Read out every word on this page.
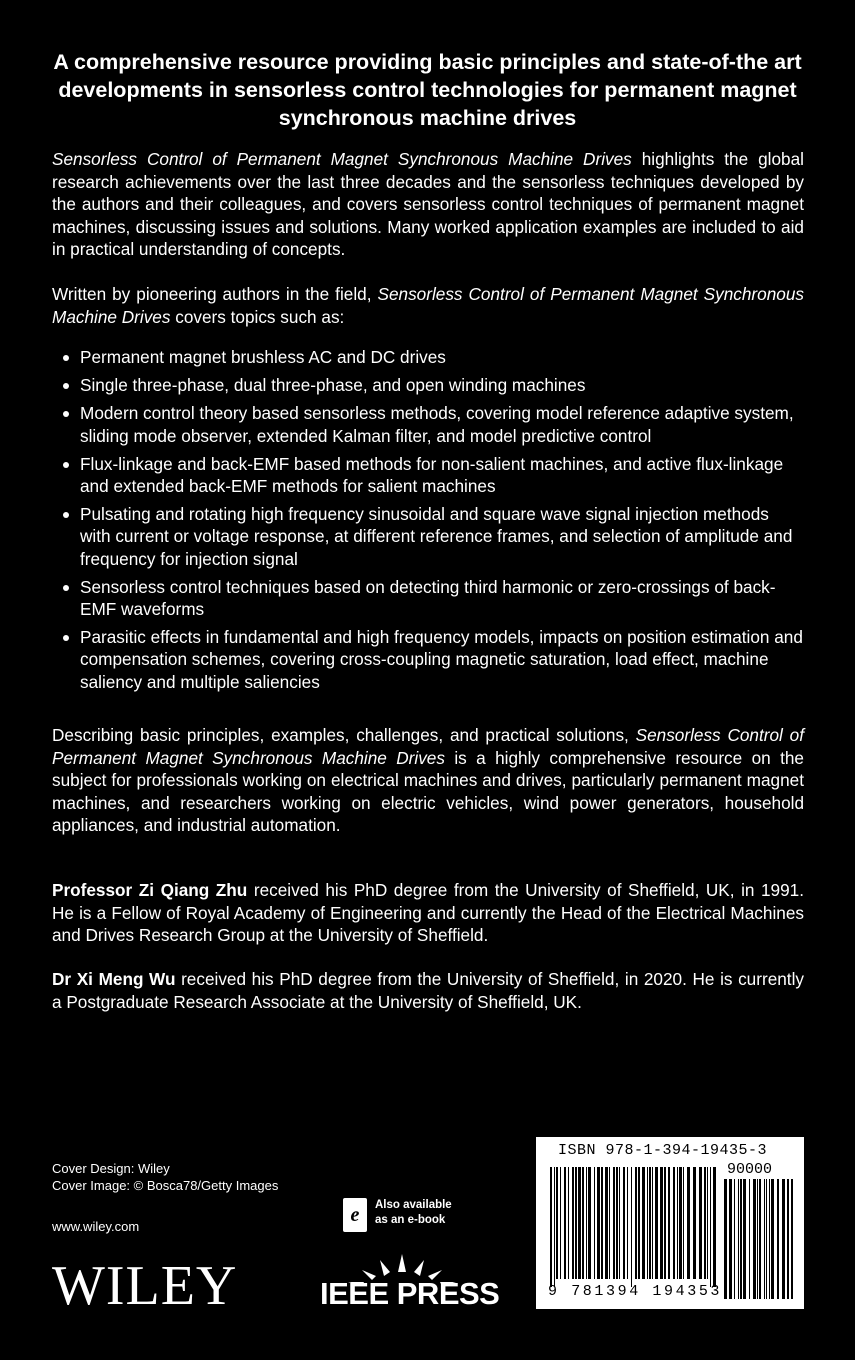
A comprehensive resource providing basic principles and state-of-the art developments in sensorless control technologies for permanent magnet synchronous machine drives

Sensorless Control of Permanent Magnet Synchronous Machine Drives highlights the global research achievements over the last three decades and the sensorless techniques developed by the authors and their colleagues, and covers sensorless control techniques of permanent magnet machines, discussing issues and solutions. Many worked application examples are included to aid in practical understanding of concepts.

Written by pioneering authors in the field, Sensorless Control of Permanent Magnet Synchronous Machine Drives covers topics such as:

Permanent magnet brushless AC and DC drives
Single three-phase, dual three-phase, and open winding machines
Modern control theory based sensorless methods, covering model reference adaptive system, sliding mode observer, extended Kalman filter, and model predictive control
Flux-linkage and back-EMF based methods for non-salient machines, and active flux-linkage and extended back-EMF methods for salient machines
Pulsating and rotating high frequency sinusoidal and square wave signal injection methods with current or voltage response, at different reference frames, and selection of amplitude and frequency for injection signal
Sensorless control techniques based on detecting third harmonic or zero-crossings of back-EMF waveforms
Parasitic effects in fundamental and high frequency models, impacts on position estimation and compensation schemes, covering cross-coupling magnetic saturation, load effect, machine saliency and multiple saliencies

Describing basic principles, examples, challenges, and practical solutions, Sensorless Control of Permanent Magnet Synchronous Machine Drives is a highly comprehensive resource on the subject for professionals working on electrical machines and drives, particularly permanent magnet machines, and researchers working on electric vehicles, wind power generators, household appliances, and industrial automation.

Professor Zi Qiang Zhu received his PhD degree from the University of Sheffield, UK, in 1991. He is a Fellow of Royal Academy of Engineering and currently the Head of the Electrical Machines and Drives Research Group at the University of Sheffield.

Dr Xi Meng Wu received his PhD degree from the University of Sheffield, in 2020. He is currently a Postgraduate Research Associate at the University of Sheffield, UK.

Cover Design: Wiley
Cover Image: © Bosca78/Getty Images
www.wiley.com
WILEY
e	Also available
as an e-book
IEEE PRESS
ISBN 978-1-394-19435-3
90000
9 781394 194353
